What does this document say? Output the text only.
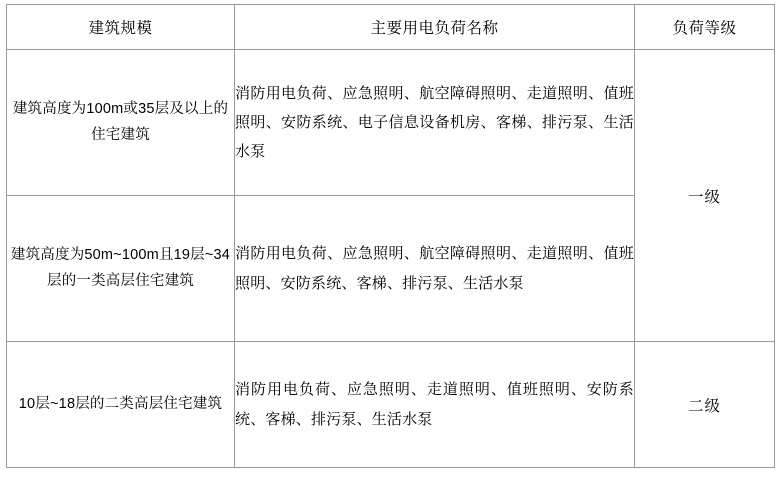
建筑规模	主要用电负荷名称	负荷等级
建筑高度为100m或35层及以上的住宅建筑	消防用电负荷、应急照明、航空障碍照明、走道照明、值班照明、安防系统、电子信息设备机房、客梯、排污泵、生活水泵	一级
建筑高度为50m~100m且19层~34层的一类高层住宅建筑	消防用电负荷、应急照明、航空障碍照明、走道照明、值班照明、安防系统、客梯、排污泵、生活水泵	
10层~18层的二类高层住宅建筑	消防用电负荷、应急照明、走道照明、值班照明、安防系统、客梯、排污泵、生活水泵	二级
